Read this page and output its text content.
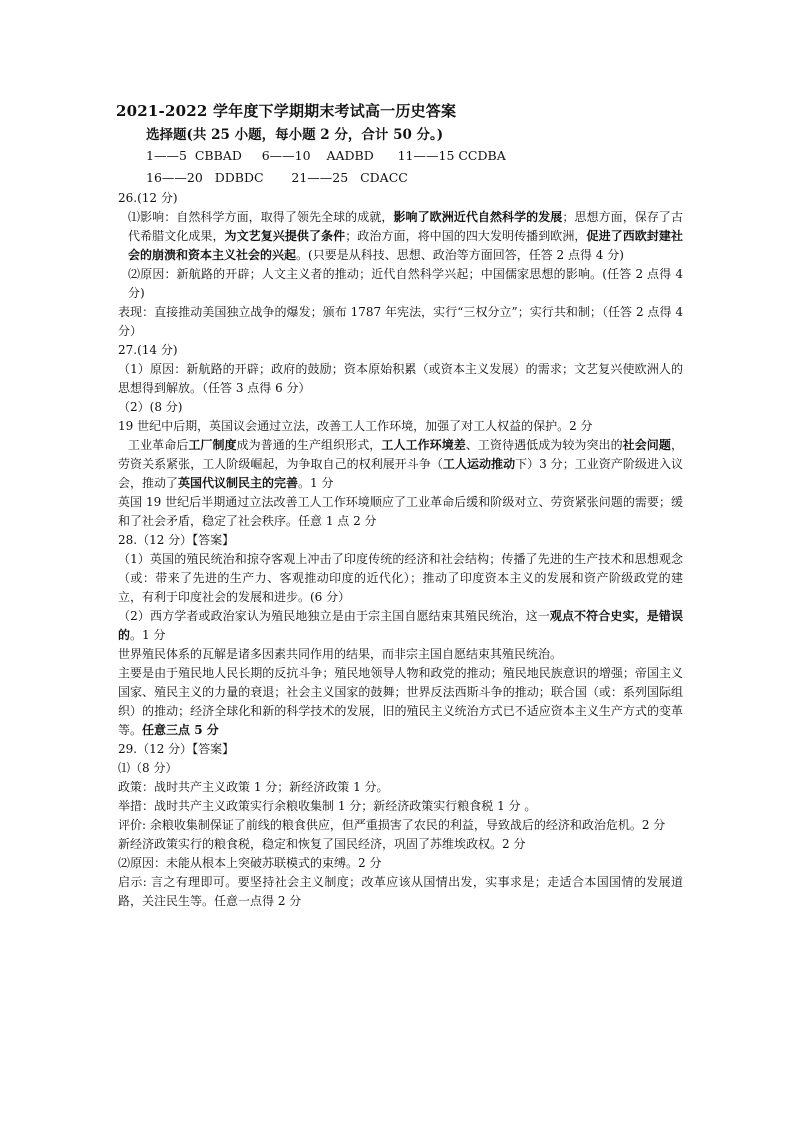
2021-2022 学年度下学期期末考试高一历史答案
选择题(共 25 小题，每小题 2 分，合计 50 分。)
1——5  CBBAD     6——10    AADBD      11——15 CCDBA
16——20   DDBDC       21——25   CDACC
26.(12 分)
⑴影响：自然科学方面，取得了领先全球的成就，影响了欧洲近代自然科学的发展；思想方面，保存了古代希腊文化成果，为文艺复兴提供了条件；政治方面，将中国的四大发明传播到欧洲，促进了西欧封建社会的崩溃和资本主义社会的兴起。(只要是从科技、思想、政治等方面回答，任答 2 点得 4 分)
⑵原因：新航路的开辟；人文主义者的推动；近代自然科学兴起；中国儒家思想的影响。(任答 2 点得 4 分)
表现：直接推动美国独立战争的爆发；颁布 1787 年宪法，实行“三权分立”；实行共和制；（任答 2 点得 4 分）
27.(14 分)
（1）原因：新航路的开辟；政府的鼓励；资本原始积累（或资本主义发展）的需求；文艺复兴使欧洲人的思想得到解放。（任答 3 点得 6 分）
（2）(8 分)
19 世纪中后期，英国议会通过立法，改善工人工作环境，加强了对工人权益的保护。2 分
工业革命后工厂制度成为普通的生产组织形式，工人工作环境差、工资待遇低成为较为突出的社会问题，劳资关系紧张，工人阶级崛起，为争取自己的权利展开斗争（工人运动推动下）3 分；工业资产阶级进入议会，推动了英国代议制民主的完善。1 分
英国 19 世纪后半期通过立法改善工人工作环境顺应了工业革命后缓和阶级对立、劳资紧张问题的需要；缓和了社会矛盾，稳定了社会秩序。任意 1 点 2 分
28.（12 分）【答案】
（1）英国的殖民统治和掠夺客观上冲击了印度传统的经济和社会结构；传播了先进的生产技术和思想观念（或：带来了先进的生产力、客观推动印度的近代化）；推动了印度资本主义的发展和资产阶级政党的建立，有利于印度社会的发展和进步。(6 分）
（2）西方学者或政治家认为殖民地独立是由于宗主国自愿结束其殖民统治，这一观点不符合史实，是错误的。1 分
世界殖民体系的瓦解是诸多因素共同作用的结果，而非宗主国自愿结束其殖民统治。
主要是由于殖民地人民长期的反抗斗争；殖民地领导人物和政党的推动；殖民地民族意识的增强；帝国主义国家、殖民主义的力量的衰退；社会主义国家的鼓舞；世界反法西斯斗争的推动；联合国（或：系列国际组织）的推动；经济全球化和新的科学技术的发展，旧的殖民主义统治方式已不适应资本主义生产方式的变革等。任意三点 5 分
29.（12 分）【答案】
⑴（8 分）
政策：战时共产主义政策 1 分；新经济政策 1 分。
举措：战时共产主义政策实行余粮收集制 1 分；新经济政策实行粮食税 1 分 。
评价: 余粮收集制保证了前线的粮食供应，但严重损害了农民的利益，导致战后的经济和政治危机。2 分
新经济政策实行的粮食税，稳定和恢复了国民经济，巩固了苏维埃政权。2 分
⑵原因：未能从根本上突破苏联模式的束缚。2 分
启示: 言之有理即可。要坚持社会主义制度；改革应该从国情出发，实事求是；走适合本国国情的发展道路，关注民生等。任意一点得 2 分
